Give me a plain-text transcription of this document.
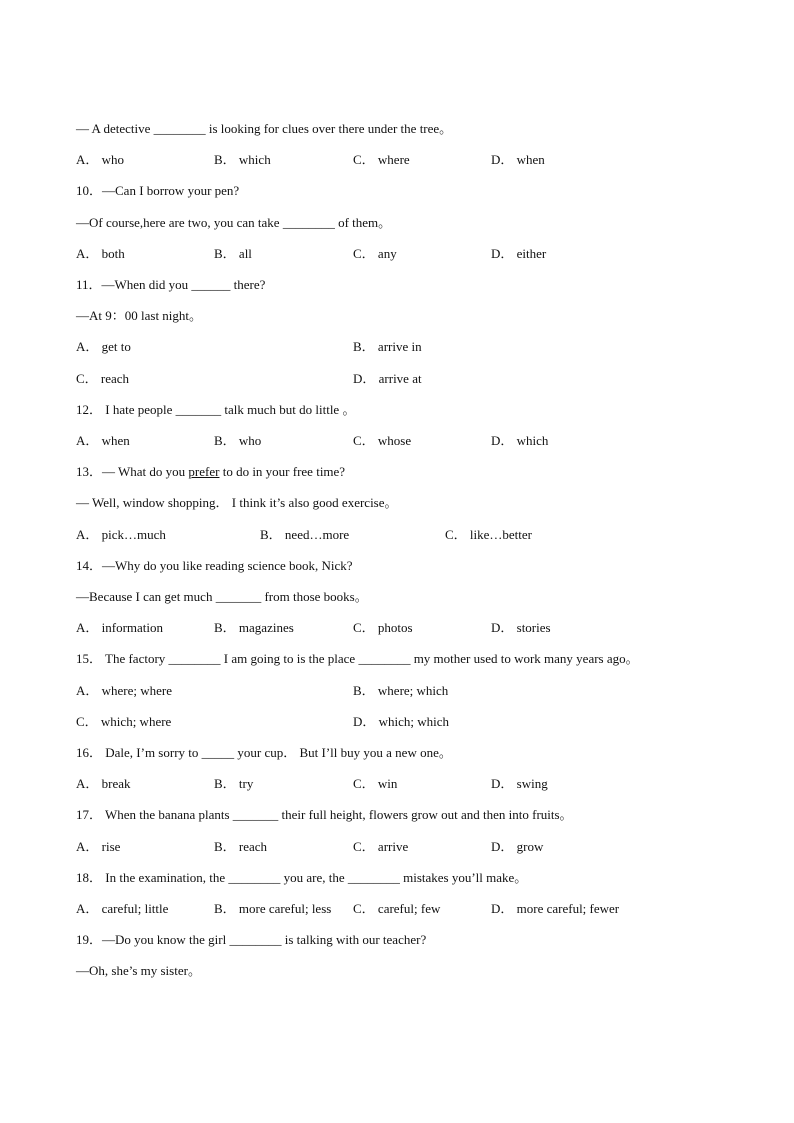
— A detective ________ is looking for clues over there under the tree。
A． who	B． which	C． where	D． when
10．—Can I borrow your pen?
—Of course,here are two, you can take ________ of them。
A． both	B． all	C． any	D． either
11．—When did you ______ there?
—At 9：00 last night。
A． get to	B． arrive in
C． reach	D． arrive at
12． I hate people _______ talk much but do little 。
A． when	B． who	C． whose	D． which
13．— What do you prefer to do in your free time?
— Well, window shopping． I think it’s also good exercise。
A． pick…much	B． need…more	C． like…better
14．—Why do you like reading science book, Nick?
—Because I can get much _______ from those books。
A． information	B． magazines	C． photos	D． stories
15． The factory ________ I am going to is the place ________ my mother used to work many years ago。
A． where; where	B． where; which
C． which; where	D． which; which
16． Dale, I’m sorry to _____ your cup． But I’ll buy you a new one。
A． break	B． try	C． win	D． swing
17． When the banana plants _______ their full height, flowers grow out and then into fruits。
A． rise	B． reach	C． arrive	D． grow
18． In the examination, the ________ you are, the ________ mistakes you’ll make。
A． careful; little	B． more careful; less C． careful; few	D． more careful; fewer
19．—Do you know the girl ________ is talking with our teacher?
—Oh, she’s my sister。
